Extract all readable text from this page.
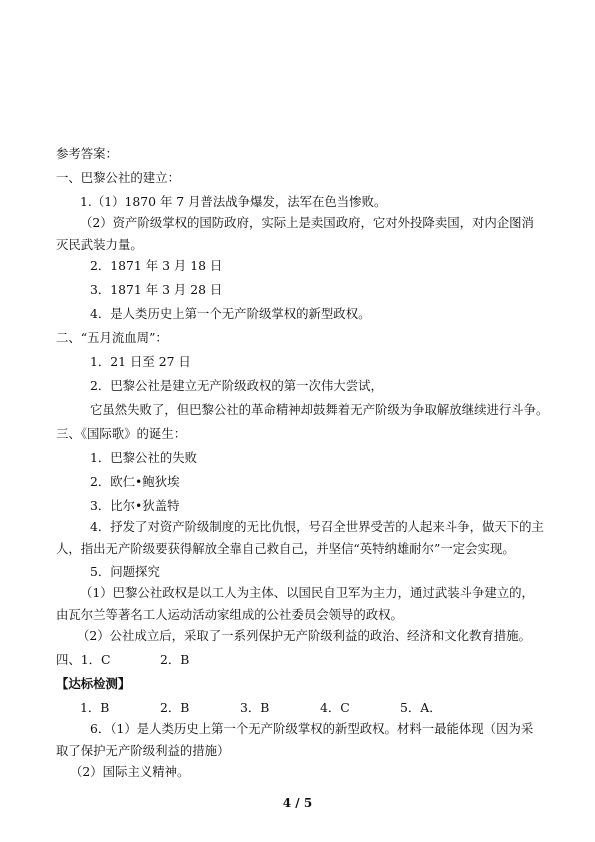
参考答案：
一、巴黎公社的建立：
1.（1）1870 年 7 月普法战争爆发，法军在色当惨败。
（2）资产阶级掌权的国防政府，实际上是卖国政府，它对外投降卖国，对内企图消灭民武装力量。
2．1871 年 3 月 18 日
3．1871 年 3 月 28 日
4．是人类历史上第一个无产阶级掌权的新型政权。
二、“五月流血周”：
1．21 日至 27 日
2．巴黎公社是建立无产阶级政权的第一次伟大尝试，
它虽然失败了，但巴黎公社的革命精神却鼓舞着无产阶级为争取解放继续进行斗争。
三、《国际歌》的诞生：
1．巴黎公社的失败
2．欧仁•鲍狄埃
3．比尔•狄盖特
4．抒发了对资产阶级制度的无比仇恨，号召全世界受苦的人起来斗争，做天下的主人，指出无产阶级要获得解放全靠自己救自己，并坚信“英特纳雄耐尔”一定会实现。
5．问题探究
（1）巴黎公社政权是以工人为主体、以国民自卫军为主力，通过武装斗争建立的，由瓦尔兰等著名工人运动活动家组成的公社委员会领导的政权。
（2）公社成立后，采取了一系列保护无产阶级利益的政治、经济和文化教育措施。
四、1．C	2．B
【达标检测】
1．B	2．B	3．B	4．C	5．A．
6．（1）是人类历史上第一个无产阶级掌权的新型政权。材料一最能体现（因为采取了保护无产阶级利益的措施）
（2）国际主义精神。
4 / 5
